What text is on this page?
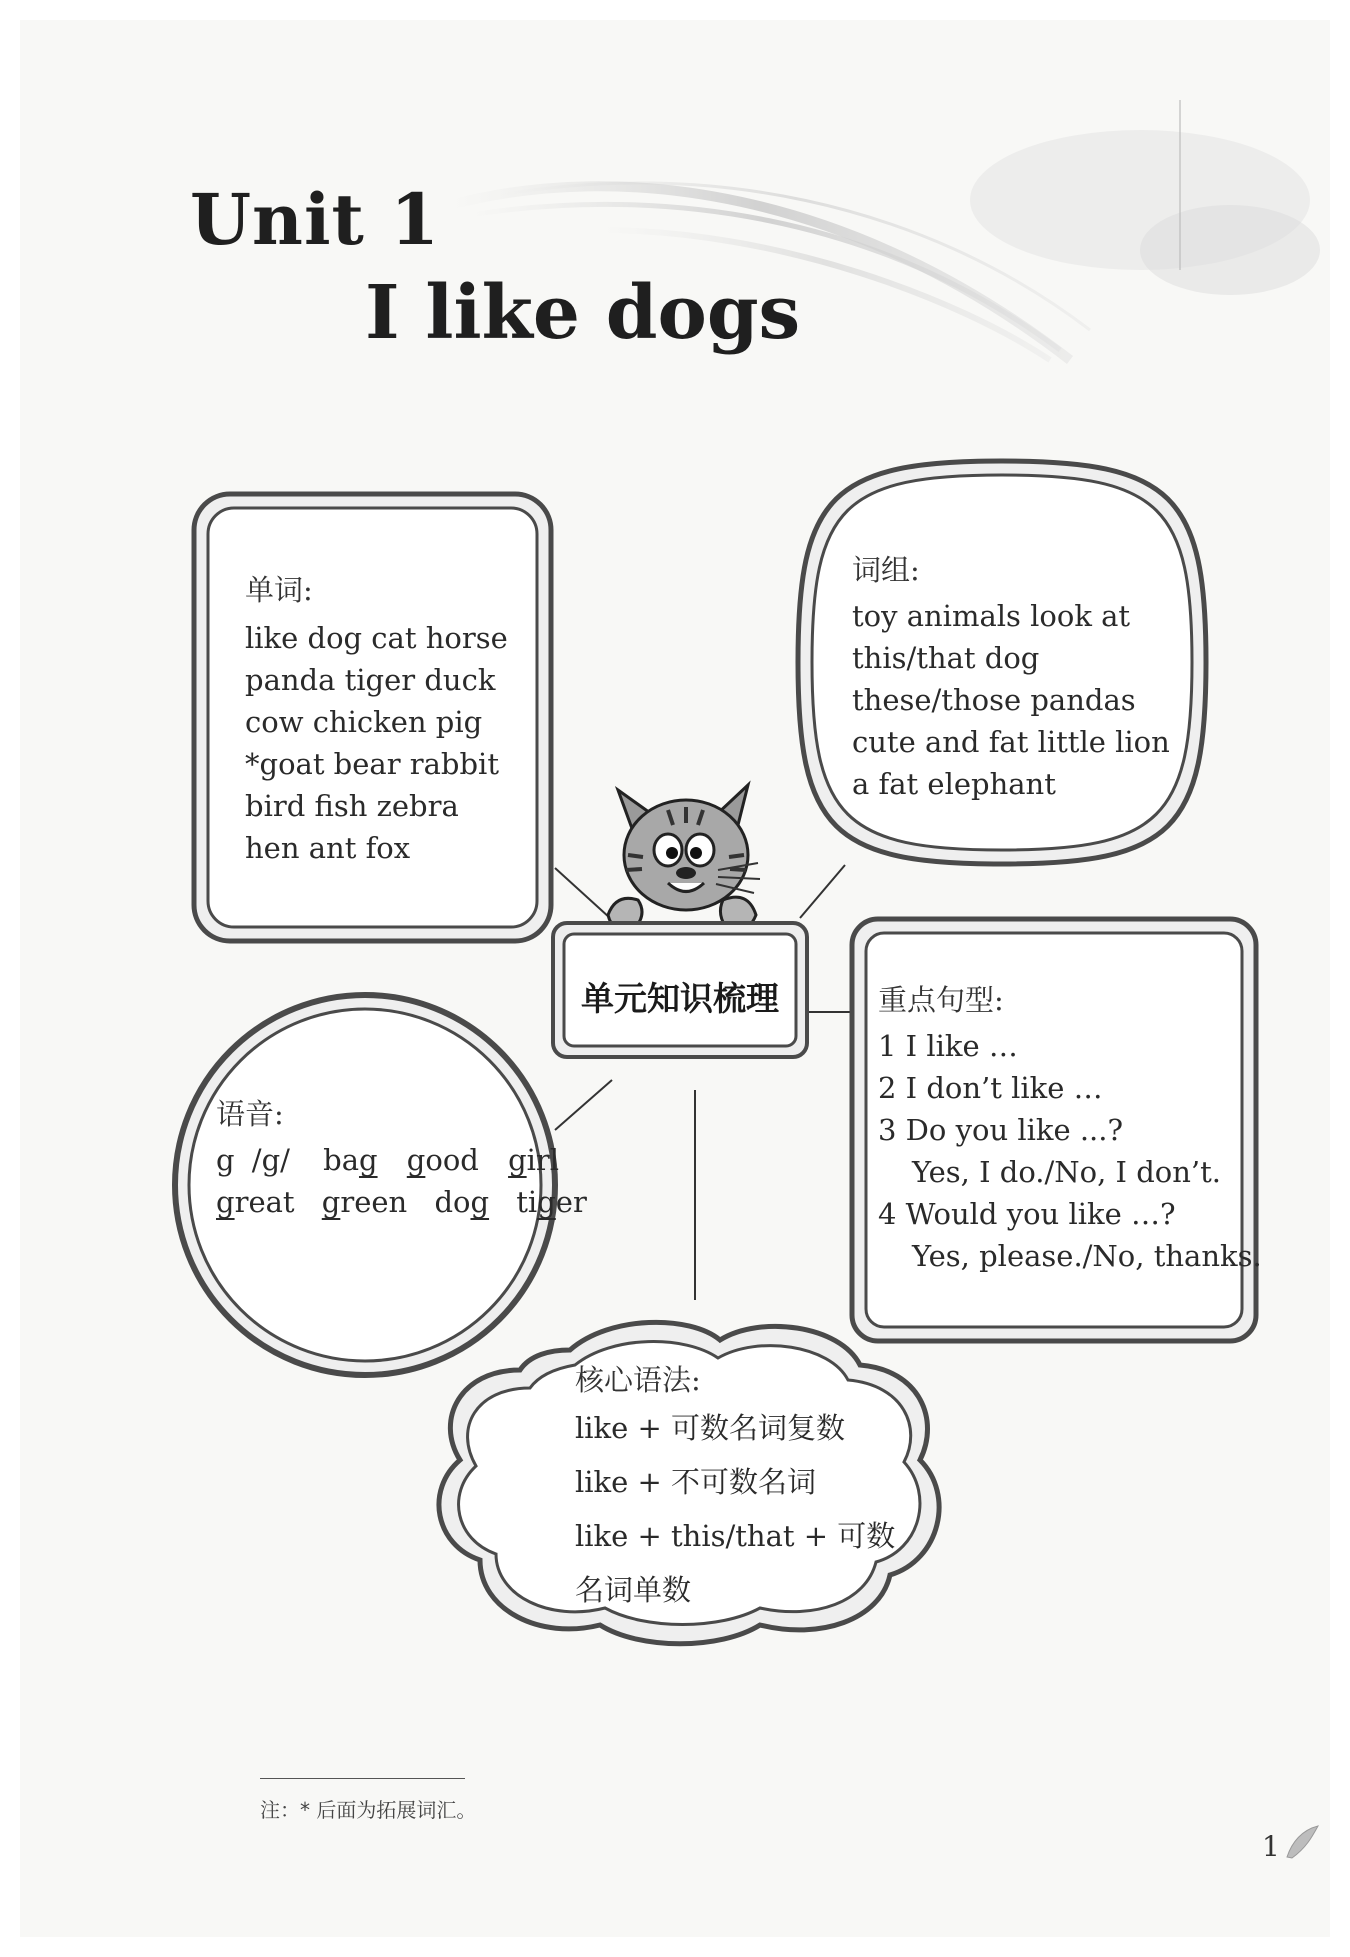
Unit 1
I like dogs
单词:
like dog cat horse
panda tiger duck
cow chicken pig
*goat bear rabbit
bird fish zebra
hen ant fox
词组:
toy animals look at
this/that dog
these/those pandas
cute and fat little lion
a fat elephant
单元知识梳理	重点句型:
1 I like …
2 I don’t like …
3 Do you like ...?
Yes, I do./No, I don’t.
4 Would you like …?
Yes, please./No, thanks.
语音:
g /g/ bag good girl
great green dog tiger
核心语法:
like + 可数名词复数
like + 不可数名词
like + this/that + 可数
名词单数
注：* 后面为拓展词汇。
1
